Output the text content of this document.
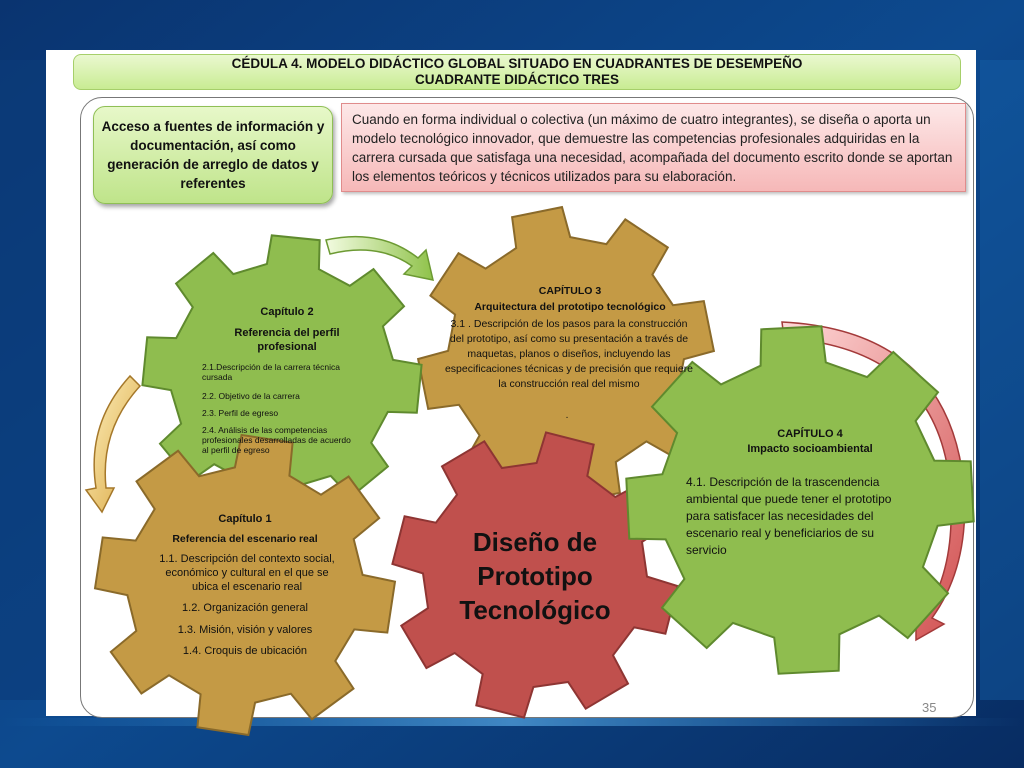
CÉDULA 4. MODELO DIDÁCTICO GLOBAL SITUADO EN CUADRANTES DE DESEMPEÑO
CUADRANTE DIDÁCTICO TRES
Acceso a fuentes de información y documentación, así como generación de arreglo de datos y referentes
Cuando en forma individual o colectiva (un máximo de cuatro integrantes), se diseña o aporta un modelo tecnológico innovador, que demuestre las competencias profesionales adquiridas en la carrera cursada que satisfaga una necesidad, acompañada del documento escrito donde se aportan los elementos teóricos y técnicos utilizados para su elaboración.
Capítulo 2
Referencia del perfil profesional
2.1.Descripción de la carrera técnica cursada
2.2. Objetivo de la carrera
2.3. Perfil de egreso
2.4. Análisis de las competencias profesionales desarrolladas de acuerdo al perfil de egreso
CAPÍTULO 3
Arquitectura del prototipo tecnológico
3.1 . Descripción de los pasos para la construcción del prototipo, así como su presentación a través de maquetas, planos o diseños, incluyendo las especificaciones técnicas y de precisión que requiere la construcción real del mismo
.
Capítulo 1
Referencia del escenario real
1.1. Descripción del contexto social, económico y cultural en el que se ubica el escenario real
1.2. Organización general
1.3. Misión, visión y valores
1.4. Croquis de ubicación
Diseño de
Prototipo
Tecnológico
CAPÍTULO 4
Impacto socioambiental
4.1. Descripción de la trascendencia ambiental que puede tener el prototipo para satisfacer las necesidades del escenario real y beneficiarios de su servicio
35
